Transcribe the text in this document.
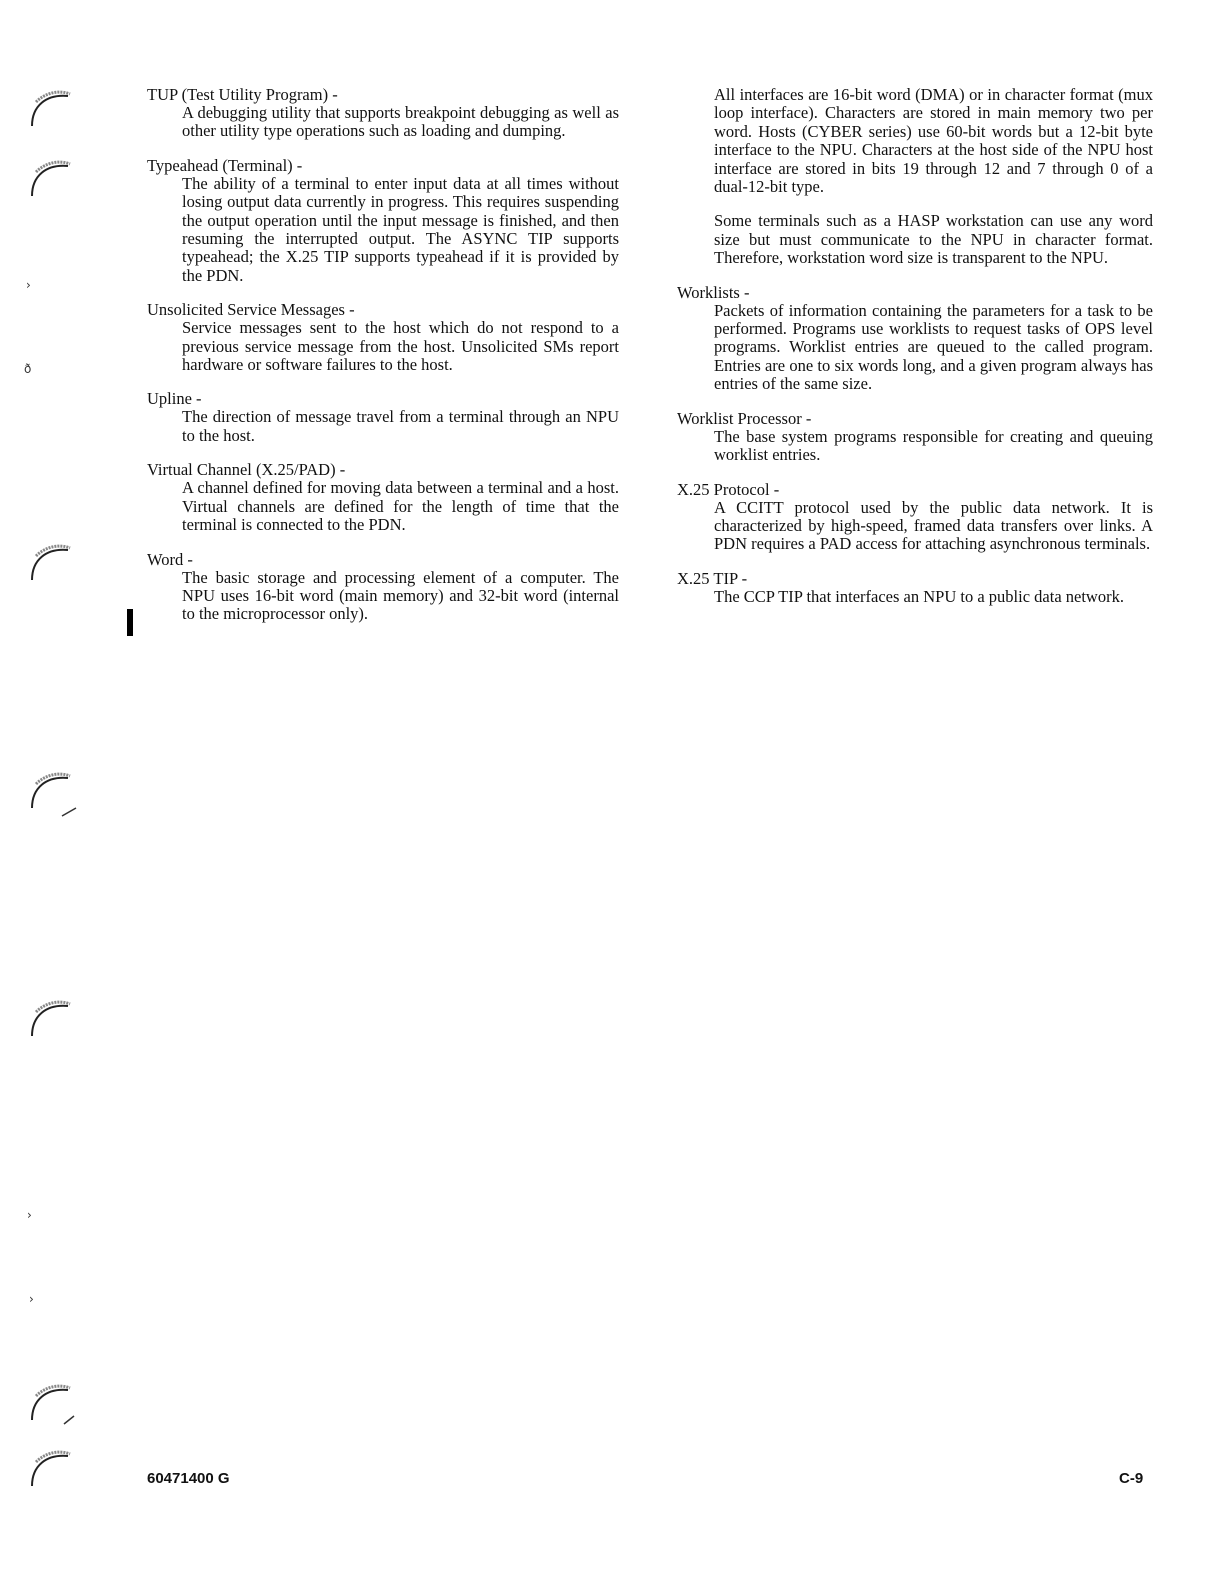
›
ð
›
›

TUP (Test Utility Program) -

A debugging utility that supports breakpoint debugging as well as other utility type operations such as loading and dumping.

Typeahead (Terminal) -

The ability of a terminal to enter input data at all times without losing output data currently in progress. This requires suspending the output operation until the input message is finished, and then resuming the interrupted output. The ASYNC TIP supports typeahead; the X.25 TIP supports typeahead if it is provided by the PDN.

Unsolicited Service Messages -

Service messages sent to the host which do not respond to a previous service message from the host. Unsolicited SMs report hardware or software failures to the host.

Upline -

The direction of message travel from a terminal through an NPU to the host.

Virtual Channel (X.25/PAD) -

A channel defined for moving data between a terminal and a host. Virtual channels are defined for the length of time that the terminal is connected to the PDN.

Word -

The basic storage and processing element of a computer. The NPU uses 16-bit word (main memory) and 32-bit word (internal to the microprocessor only).

All interfaces are 16-bit word (DMA) or in character format (mux loop interface). Characters are stored in main memory two per word. Hosts (CYBER series) use 60-bit words but a 12-bit byte interface to the NPU. Characters at the host side of the NPU host interface are stored in bits 19 through 12 and 7 through 0 of a dual-12-bit type.

Some terminals such as a HASP workstation can use any word size but must communicate to the NPU in character format. Therefore, workstation word size is transparent to the NPU.

Worklists -

Packets of information containing the parameters for a task to be performed. Programs use worklists to request tasks of OPS level programs. Worklist entries are queued to the called program. Entries are one to six words long, and a given program always has entries of the same size.

Worklist Processor -

The base system programs responsible for creating and queuing worklist entries.

X.25 Protocol -

A CCITT protocol used by the public data network. It is characterized by high-speed, framed data transfers over links. A PDN requires a PAD access for attaching asynchronous terminals.

X.25 TIP -

The CCP TIP that interfaces an NPU to a public data network.

60471400 G	C-9
